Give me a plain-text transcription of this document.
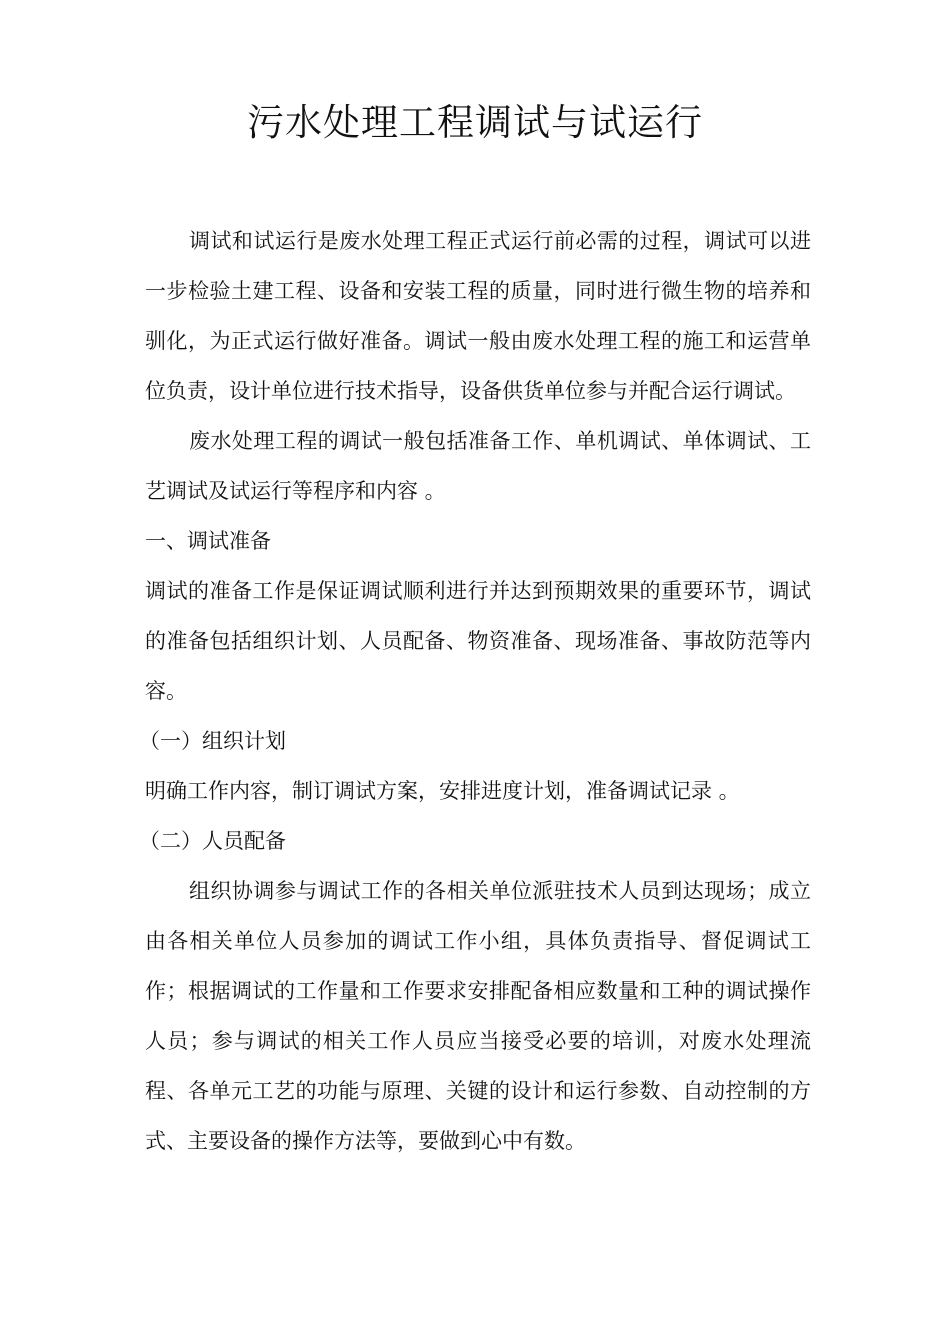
污水处理工程调试与试运行

调试和试运行是废水处理工程正式运行前必需的过程，调试可以进一步检验土建工程、设备和安装工程的质量，同时进行微生物的培养和驯化，为正式运行做好准备。调试一般由废水处理工程的施工和运营单位负责，设计单位进行技术指导，设备供货单位参与并配合运行调试。

废水处理工程的调试一般包括准备工作、单机调试、单体调试、工艺调试及试运行等程序和内容 。

一、调试准备

调试的准备工作是保证调试顺利进行并达到预期效果的重要环节，调试的准备包括组织计划、人员配备、物资准备、现场准备、事故防范等内容。

（一）组织计划

明确工作内容，制订调试方案，安排进度计划，准备调试记录 。

（二）人员配备

组织协调参与调试工作的各相关单位派驻技术人员到达现场；成立由各相关单位人员参加的调试工作小组，具体负责指导、督促调试工作；根据调试的工作量和工作要求安排配备相应数量和工种的调试操作人员；参与调试的相关工作人员应当接受必要的培训，对废水处理流程、各单元工艺的功能与原理、关键的设计和运行参数、自动控制的方式、主要设备的操作方法等，要做到心中有数。
